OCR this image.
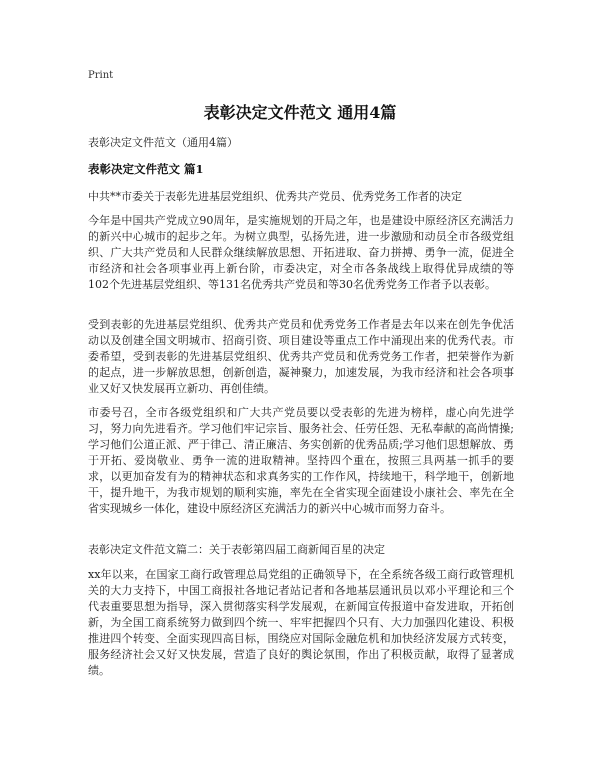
Print
表彰决定文件范文 通用4篇
表彰决定文件范文（通用4篇）
表彰决定文件范文 篇1
中共**市委关于表彰先进基层党组织、优秀共产党员、优秀党务工作者的决定

今年是中国共产党成立90周年，是实施规划的开局之年，也是建设中原经济区充满活力的新兴中心城市的起步之年。为树立典型，弘扬先进，进一步激励和动员全市各级党组织、广大共产党员和人民群众继续解放思想、开拓进取、奋力拼搏、勇争一流，促进全市经济和社会各项事业再上新台阶，市委决定，对全市各条战线上取得优异成绩的等102个先进基层党组织、等131名优秀共产党员和等30名优秀党务工作者予以表彰。

受到表彰的先进基层党组织、优秀共产党员和优秀党务工作者是去年以来在创先争优活动以及创建全国文明城市、招商引资、项目建设等重点工作中涌现出来的优秀代表。市委希望，受到表彰的先进基层党组织、优秀共产党员和优秀党务工作者，把荣誉作为新的起点，进一步解放思想，创新创造，凝神聚力，加速发展，为我市经济和社会各项事业又好又快发展再立新功、再创佳绩。

市委号召，全市各级党组织和广大共产党员要以受表彰的先进为榜样，虚心向先进学习，努力向先进看齐。学习他们牢记宗旨、服务社会、任劳任怨、无私奉献的高尚情操;学习他们公道正派、严于律己、清正廉洁、务实创新的优秀品质;学习他们思想解放、勇于开拓、爱岗敬业、勇争一流的进取精神。坚持四个重在，按照三具两基一抓手的要求，以更加奋发有为的精神状态和求真务实的工作作风，持续地干，科学地干，创新地干，提升地干，为我市规划的顺利实施，率先在全省实现全面建设小康社会、率先在全省实现城乡一体化，建设中原经济区充满活力的新兴中心城市而努力奋斗。

表彰决定文件范文篇二：关于表彰第四届工商新闻百星的决定

xx年以来，在国家工商行政管理总局党组的正确领导下，在全系统各级工商行政管理机关的大力支持下，中国工商报社各地记者站记者和各地基层通讯员以邓小平理论和三个代表重要思想为指导，深入贯彻落实科学发展观，在新闻宣传报道中奋发进取，开拓创新，为全国工商系统努力做到四个统一、牢牢把握四个只有、大力加强四化建设、积极推进四个转变、全面实现四高目标，围绕应对国际金融危机和加快经济发展方式转变，服务经济社会又好又快发展，营造了良好的舆论氛围，作出了积极贡献，取得了显著成绩。
